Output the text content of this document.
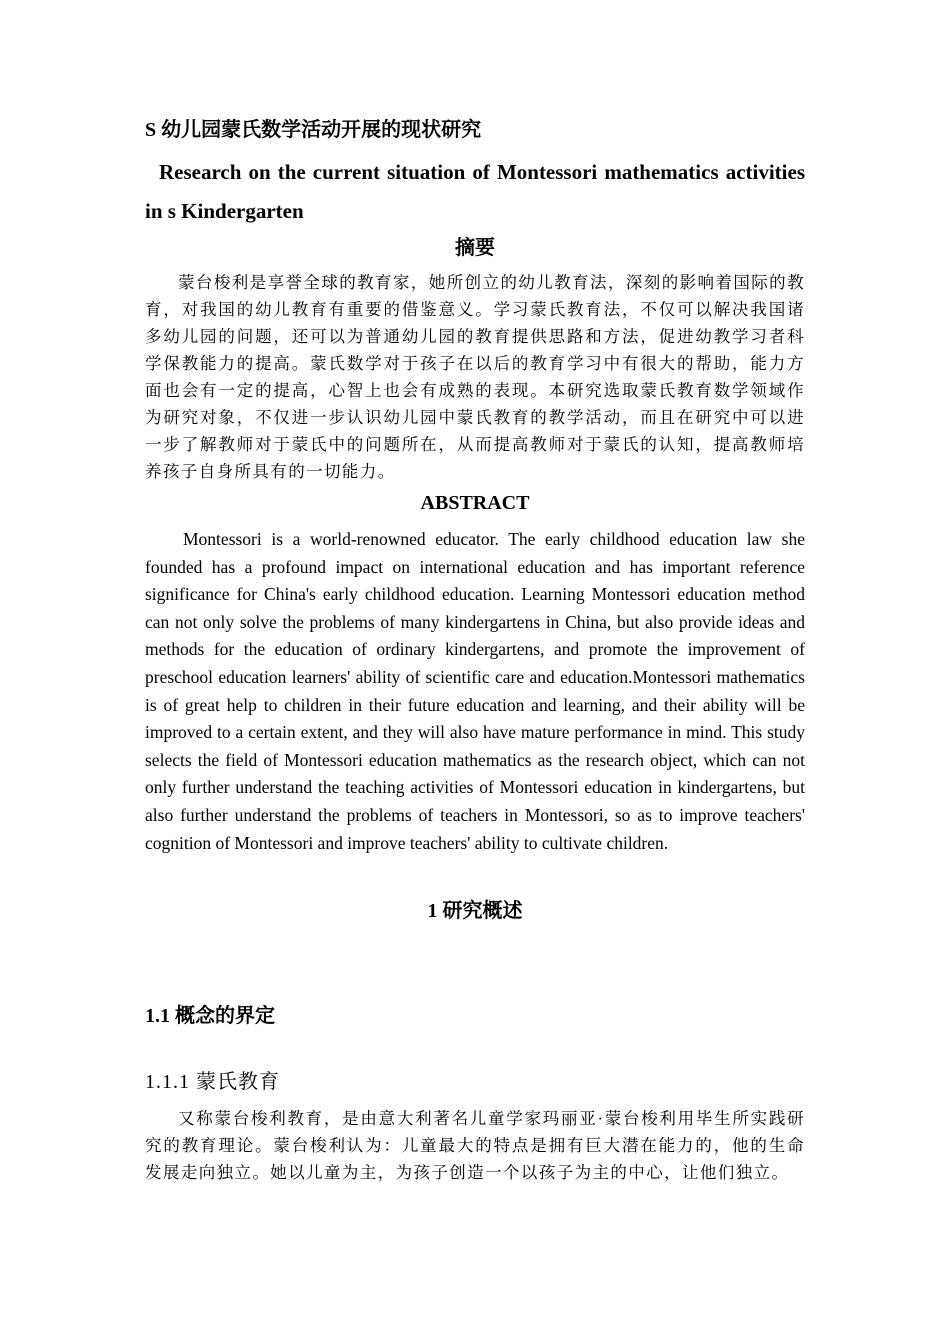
S 幼儿园蒙氏数学活动开展的现状研究
Research on the current situation of Montessori mathematics activities in s Kindergarten
摘要

蒙台梭利是享誉全球的教育家，她所创立的幼儿教育法，深刻的影响着国际的教育，对我国的幼儿教育有重要的借鉴意义。学习蒙氏教育法，不仅可以解决我国诸多幼儿园的问题，还可以为普通幼儿园的教育提供思路和方法，促进幼教学习者科学保教能力的提高。蒙氏数学对于孩子在以后的教育学习中有很大的帮助，能力方面也会有一定的提高，心智上也会有成熟的表现。本研究选取蒙氏教育数学领域作为研究对象，不仅进一步认识幼儿园中蒙氏教育的教学活动，而且在研究中可以进一步了解教师对于蒙氏中的问题所在，从而提高教师对于蒙氏的认知，提高教师培养孩子自身所具有的一切能力。

ABSTRACT

Montessori is a world-renowned educator. The early childhood education law she founded has a profound impact on international education and has important reference significance for China's early childhood education. Learning Montessori education method can not only solve the problems of many kindergartens in China, but also provide ideas and methods for the education of ordinary kindergartens, and promote the improvement of preschool education learners' ability of scientific care and education.Montessori mathematics is of great help to children in their future education and learning, and their ability will be improved to a certain extent, and they will also have mature performance in mind. This study selects the field of Montessori education mathematics as the research object, which can not only further understand the teaching activities of Montessori education in kindergartens, but also further understand the problems of teachers in Montessori, so as to improve teachers' cognition of Montessori and improve teachers' ability to cultivate children.

1 研究概述
1.1 概念的界定
1.1.1 蒙氏教育

又称蒙台梭利教育，是由意大利著名儿童学家玛丽亚·蒙台梭利用毕生所实践研究的教育理论。蒙台梭利认为：儿童最大的特点是拥有巨大潜在能力的，他的生命发展走向独立。她以儿童为主，为孩子创造一个以孩子为主的中心，让他们独立。
